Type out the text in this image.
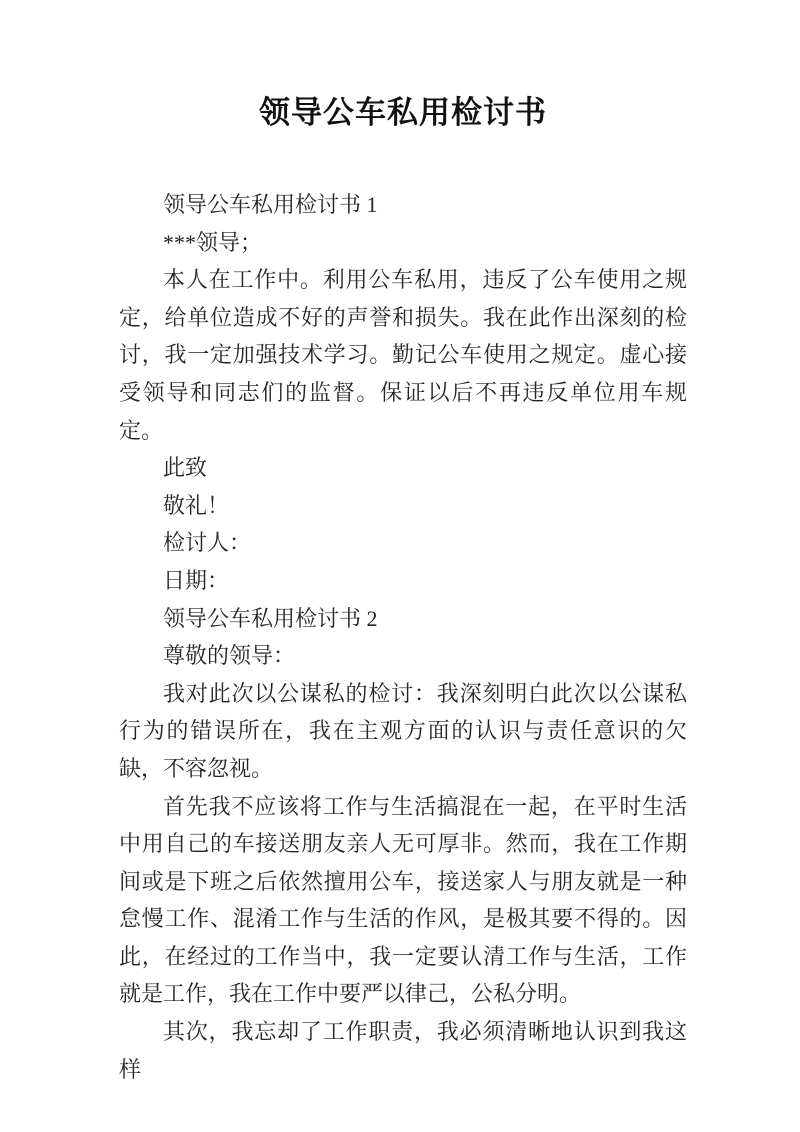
领导公车私用检讨书

领导公车私用检讨书 1

***领导；

本人在工作中。利用公车私用，违反了公车使用之规定，给单位造成不好的声誉和损失。我在此作出深刻的检讨，我一定加强技术学习。勤记公车使用之规定。虚心接受领导和同志们的监督。保证以后不再违反单位用车规定。

此致

敬礼！

检讨人：

日期：

领导公车私用检讨书 2

尊敬的领导：

我对此次以公谋私的检讨：我深刻明白此次以公谋私行为的错误所在，我在主观方面的认识与责任意识的欠缺，不容忽视。

首先我不应该将工作与生活搞混在一起，在平时生活中用自己的车接送朋友亲人无可厚非。然而，我在工作期间或是下班之后依然擅用公车，接送家人与朋友就是一种怠慢工作、混淆工作与生活的作风，是极其要不得的。因此，在经过的工作当中，我一定要认清工作与生活，工作就是工作，我在工作中要严以律己，公私分明。

其次，我忘却了工作职责，我必须清晰地认识到我这样
